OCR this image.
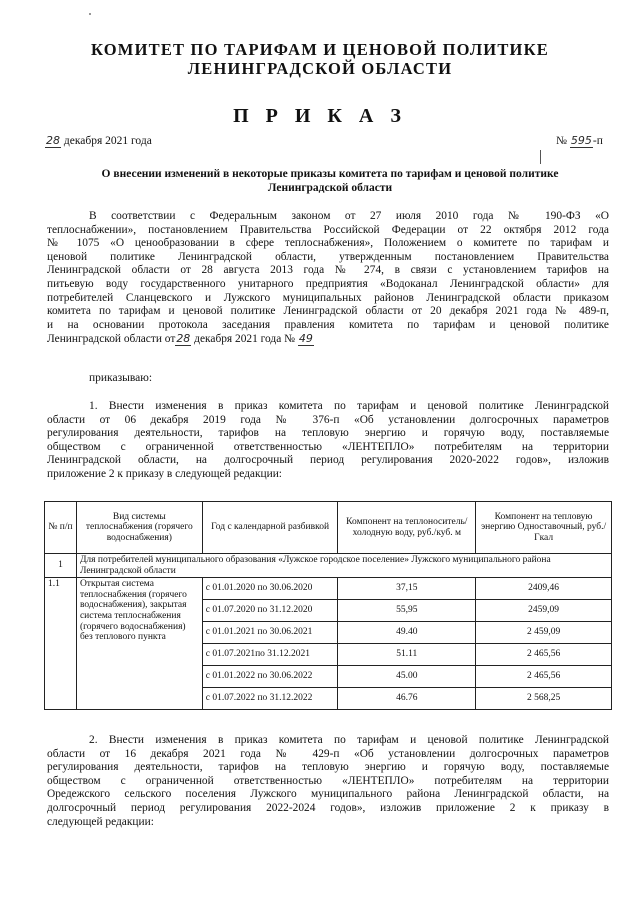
КОМИТЕТ ПО ТАРИФАМ И ЦЕНОВОЙ ПОЛИТИКЕ
ЛЕНИНГРАДСКОЙ ОБЛАСТИ
П Р И К А З
28 декабря 2021 года	№ 595-п
О внесении изменений в некоторые приказы комитета по тарифам и ценовой политике
Ленинградской области
В соответствии с Федеральным законом от 27 июля 2010 года № 190-ФЗ «О
теплоснабжении», постановлением Правительства Российской Федерации от 22 октября 2012 года
№ 1075 «О ценообразовании в сфере теплоснабжения», Положением о комитете по тарифам и
ценовой политике Ленинградской области, утвержденным постановлением Правительства
Ленинградской области от 28 августа 2013 года № 274, в связи с установлением тарифов на
питьевую воду государственного унитарного предприятия «Водоканал Ленинградской области» для
потребителей Сланцевского и Лужского муниципальных районов Ленинградской области приказом
комитета по тарифам и ценовой политике Ленинградской области от 20 декабря 2021 года № 489-п,
и на основании протокола заседания правления комитета по тарифам и ценовой политике
Ленинградской области от28 декабря 2021 года № 49
приказываю:
1. Внести изменения в приказ комитета по тарифам и ценовой политике Ленинградской
области от 06 декабря 2019 года № 376-п «Об установлении долгосрочных параметров
регулирования деятельности, тарифов на тепловую энергию и горячую воду, поставляемые
обществом с ограниченной ответственностью «ЛЕНТЕПЛО» потребителям на территории
Ленинградской области, на долгосрочный период регулирования 2020-2022 годов», изложив
приложение 2 к приказу в следующей редакции:
№ п/п	Вид системы теплоснабжения (горячего водоснабжения)	Год с календарной разбивкой	Компонент на теплоноситель/холодную воду, руб./куб. м	Компонент на тепловую энергию Одноставочный, руб./Гкал
1	Для потребителей муниципального образования «Лужское городское поселение» Лужского муниципального района Ленинградской области			
1.1	Открытая система теплоснабжения (горячего водоснабжения), закрытая система теплоснабжения (горячего водоснабжения) без теплового пункта	с 01.01.2020 по 30.06.2020	37,15	2409,46
		с 01.07.2020 по 31.12.2020	55,95	2459,09
		с 01.01.2021 по 30.06.2021	49.40	2 459,09
		с 01.07.2021по 31.12.2021	51.11	2 465,56
		с 01.01.2022 по 30.06.2022	45.00	2 465,56
		с 01.07.2022 по 31.12.2022	46.76	2 568,25
2. Внести изменения в приказ комитета по тарифам и ценовой политике Ленинградской
области от 16 декабря 2021 года № 429-п «Об установлении долгосрочных параметров
регулирования деятельности, тарифов на тепловую энергию и горячую воду, поставляемые
обществом с ограниченной ответственностью «ЛЕНТЕПЛО» потребителям на территории
Оредежского сельского поселения Лужского муниципального района Ленинградской области, на
долгосрочный период регулирования 2022-2024 годов», изложив приложение 2 к приказу в
следующей редакции:
